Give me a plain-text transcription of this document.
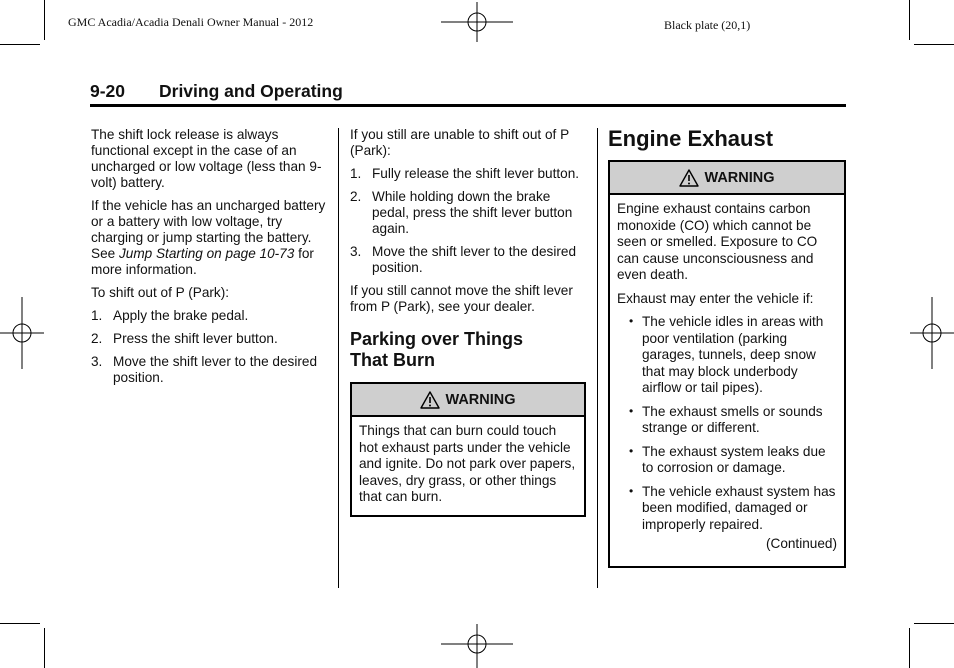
GMC Acadia/Acadia Denali Owner Manual - 2012	Black plate (20,1)
9-20 Driving and Operating

The shift lock release is always functional except in the case of an uncharged or low voltage (less than 9-volt) battery.

If the vehicle has an uncharged battery or a battery with low voltage, try charging or jump starting the battery. See Jump Starting on page 10-73 for more information.

To shift out of P (Park):

1. Apply the brake pedal.
2. Press the shift lever button.
3. Move the shift lever to the desired position.

If you still are unable to shift out of P (Park):

1. Fully release the shift lever button.
2. While holding down the brake pedal, press the shift lever button again.
3. Move the shift lever to the desired position.

If you still cannot move the shift lever from P (Park), see your dealer.

Parking over Things That Burn
WARNING

Things that can burn could touch hot exhaust parts under the vehicle and ignite. Do not park over papers, leaves, dry grass, or other things that can burn.

Engine Exhaust
WARNING

Engine exhaust contains carbon monoxide (CO) which cannot be seen or smelled. Exposure to CO can cause unconsciousness and even death.

Exhaust may enter the vehicle if:

• The vehicle idles in areas with poor ventilation (parking garages, tunnels, deep snow that may block underbody airflow or tail pipes).
• The exhaust smells or sounds strange or different.
• The exhaust system leaks due to corrosion or damage.
• The vehicle exhaust system has been modified, damaged or improperly repaired.

(Continued)
